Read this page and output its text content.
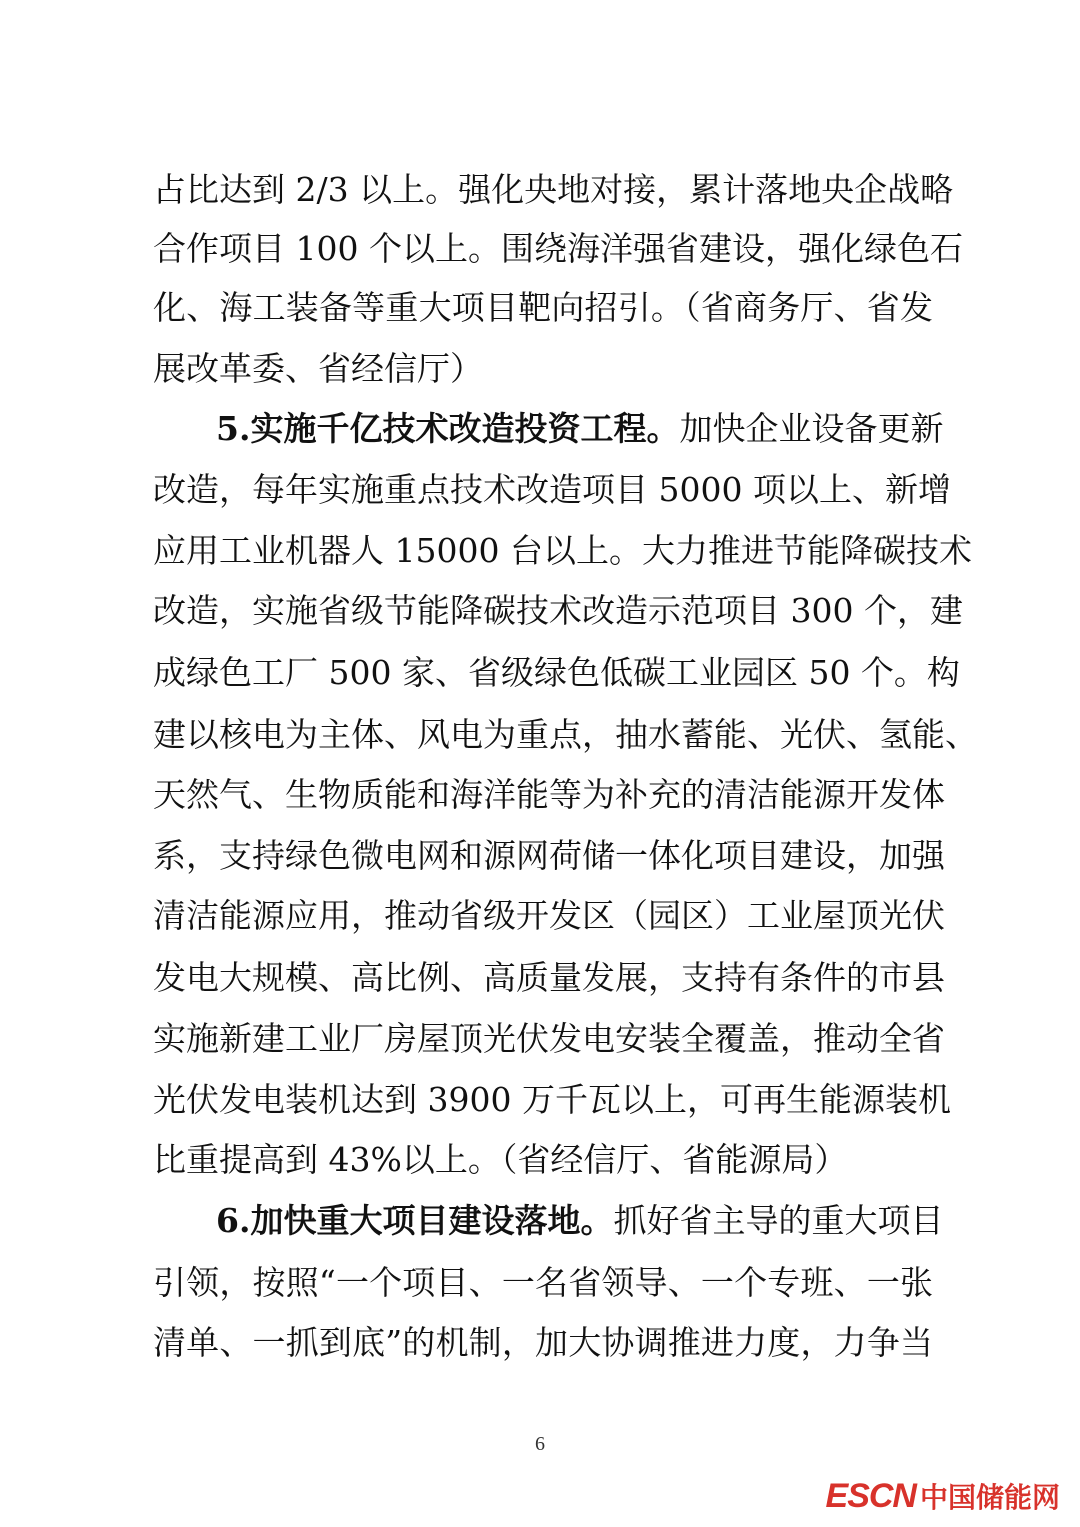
占比达到 2/3 以上。强化央地对接，累计落地央企战略
合作项目 100 个以上。围绕海洋强省建设，强化绿色石
化、海工装备等重大项目靶向招引。（省商务厅、省发
展改革委、省经信厅）
5.实施千亿技术改造投资工程。加快企业设备更新
改造，每年实施重点技术改造项目 5000 项以上、新增
应用工业机器人 15000 台以上。大力推进节能降碳技术
改造，实施省级节能降碳技术改造示范项目 300 个，建
成绿色工厂 500 家、省级绿色低碳工业园区 50 个。构
建以核电为主体、风电为重点，抽水蓄能、光伏、氢能、
天然气、生物质能和海洋能等为补充的清洁能源开发体
系，支持绿色微电网和源网荷储一体化项目建设，加强
清洁能源应用，推动省级开发区（园区）工业屋顶光伏
发电大规模、高比例、高质量发展，支持有条件的市县
实施新建工业厂房屋顶光伏发电安装全覆盖，推动全省
光伏发电装机达到 3900 万千瓦以上，可再生能源装机
比重提高到 43%以上。（省经信厅、省能源局）
6.加快重大项目建设落地。抓好省主导的重大项目
引领，按照“一个项目、一名省领导、一个专班、一张
清单、一抓到底”的机制，加大协调推进力度，力争当
6
ESCN 中国储能网
